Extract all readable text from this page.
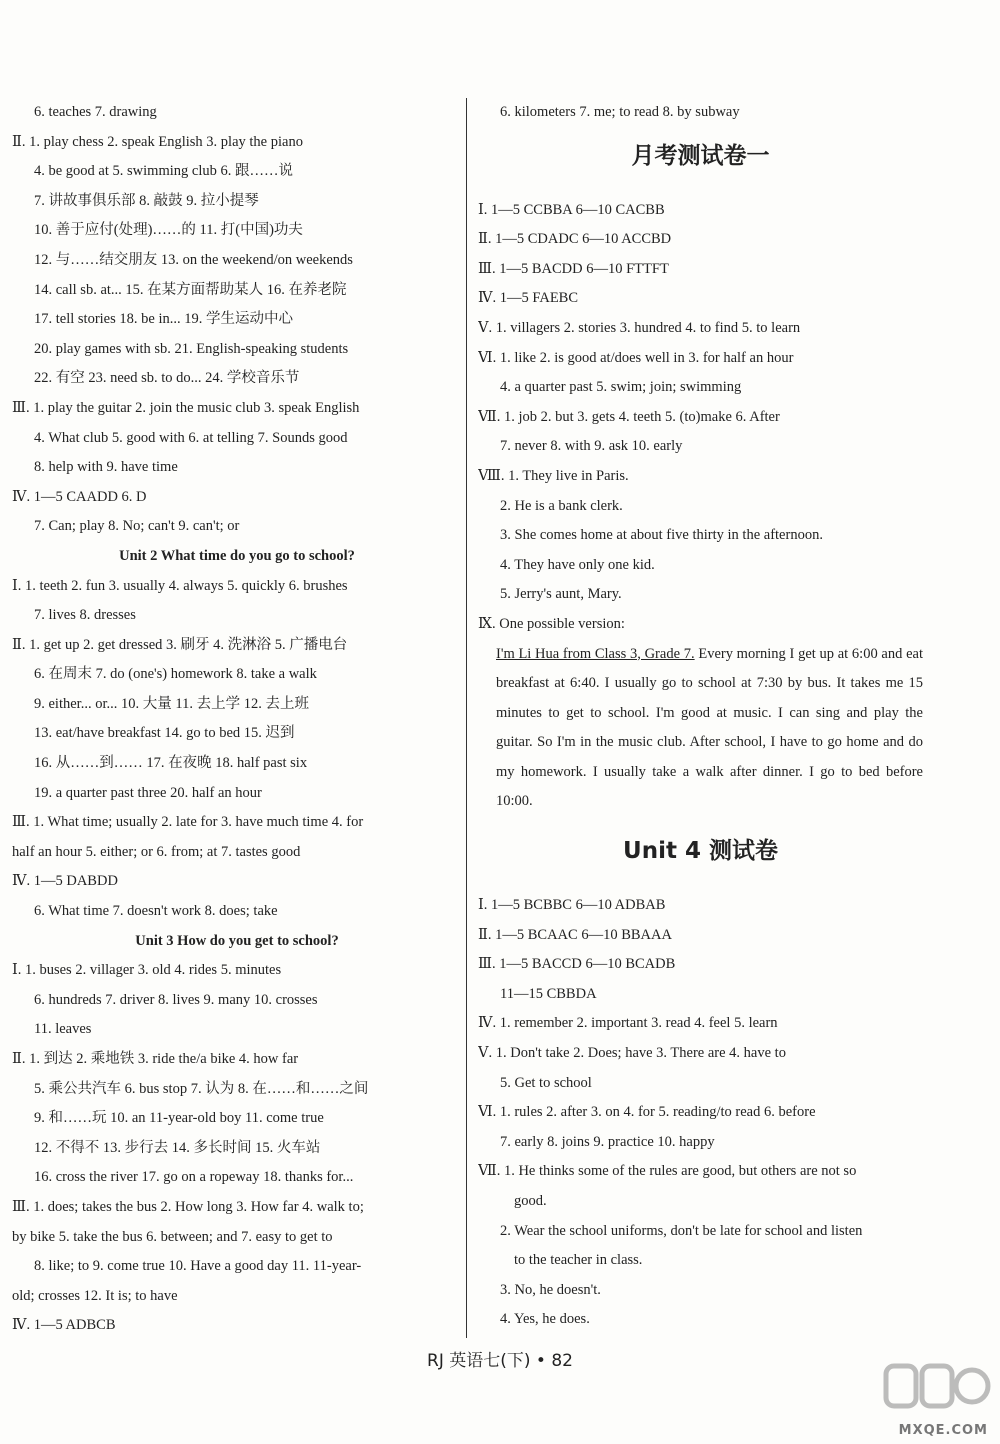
6. teaches 7. drawing
Ⅱ. 1. play chess 2. speak English 3. play the piano
4. be good at 5. swimming club 6. 跟……说
7. 讲故事俱乐部 8. 敲鼓 9. 拉小提琴
10. 善于应付(处理)……的 11. 打(中国)功夫
12. 与……结交朋友 13. on the weekend/on weekends
14. call sb. at... 15. 在某方面帮助某人 16. 在养老院
17. tell stories 18. be in... 19. 学生运动中心
20. play games with sb. 21. English-speaking students
22. 有空 23. need sb. to do... 24. 学校音乐节
Ⅲ. 1. play the guitar 2. join the music club 3. speak English
4. What club 5. good with 6. at telling 7. Sounds good
8. help with 9. have time
Ⅳ. 1—5 CAADD 6. D
7. Can; play 8. No; can't 9. can't; or
Unit 2 What time do you go to school?
Ⅰ. 1. teeth 2. fun 3. usually 4. always 5. quickly 6. brushes
7. lives 8. dresses
Ⅱ. 1. get up 2. get dressed 3. 刷牙 4. 洗淋浴 5. 广播电台
6. 在周末 7. do (one's) homework 8. take a walk
9. either... or... 10. 大量 11. 去上学 12. 去上班
13. eat/have breakfast 14. go to bed 15. 迟到
16. 从……到…… 17. 在夜晚 18. half past six
19. a quarter past three 20. half an hour
Ⅲ. 1. What time; usually 2. late for 3. have much time 4. for
half an hour 5. either; or 6. from; at 7. tastes good
Ⅳ. 1—5 DABDD
6. What time 7. doesn't work 8. does; take
Unit 3 How do you get to school?
Ⅰ. 1. buses 2. villager 3. old 4. rides 5. minutes
6. hundreds 7. driver 8. lives 9. many 10. crosses
11. leaves
Ⅱ. 1. 到达 2. 乘地铁 3. ride the/a bike 4. how far
5. 乘公共汽车 6. bus stop 7. 认为 8. 在……和……之间
9. 和……玩 10. an 11-year-old boy 11. come true
12. 不得不 13. 步行去 14. 多长时间 15. 火车站
16. cross the river 17. go on a ropeway 18. thanks for...
Ⅲ. 1. does; takes the bus 2. How long 3. How far 4. walk to;
by bike 5. take the bus 6. between; and 7. easy to get to
8. like; to 9. come true 10. Have a good day 11. 11-year-
old; crosses 12. It is; to have
Ⅳ. 1—5 ADBCB
6. kilometers 7. me; to read 8. by subway
月考测试卷一
Ⅰ. 1—5 CCBBA 6—10 CACBB
Ⅱ. 1—5 CDADC 6—10 ACCBD
Ⅲ. 1—5 BACDD 6—10 FTTFT
Ⅳ. 1—5 FAEBC
Ⅴ. 1. villagers 2. stories 3. hundred 4. to find 5. to learn
Ⅵ. 1. like 2. is good at/does well in 3. for half an hour
4. a quarter past 5. swim; join; swimming
Ⅶ. 1. job 2. but 3. gets 4. teeth 5. (to)make 6. After
7. never 8. with 9. ask 10. early
Ⅷ. 1. They live in Paris.
2. He is a bank clerk.
3. She comes home at about five thirty in the afternoon.
4. They have only one kid.
5. Jerry's aunt, Mary.
Ⅸ. One possible version:
I'm Li Hua from Class 3, Grade 7. Every morning I get up at 6:00 and eat breakfast at 6:40. I usually go to school at 7:30 by bus. It takes me 15 minutes to get to school. I'm good at music. I can sing and play the guitar. So I'm in the music club. After school, I have to go home and do my homework. I usually take a walk after dinner. I go to bed before 10:00.
Unit 4 测试卷
Ⅰ. 1—5 BCBBC 6—10 ADBAB
Ⅱ. 1—5 BCAAC 6—10 BBAAA
Ⅲ. 1—5 BACCD 6—10 BCADB
11—15 CBBDA
Ⅳ. 1. remember 2. important 3. read 4. feel 5. learn
Ⅴ. 1. Don't take 2. Does; have 3. There are 4. have to
5. Get to school
Ⅵ. 1. rules 2. after 3. on 4. for 5. reading/to read 6. before
7. early 8. joins 9. practice 10. happy
Ⅶ. 1. He thinks some of the rules are good, but others are not so
good.
2. Wear the school uniforms, don't be late for school and listen
to the teacher in class.
3. No, he doesn't.
4. Yes, he does.
RJ 英语七(下) • 82
MXQE.COM
